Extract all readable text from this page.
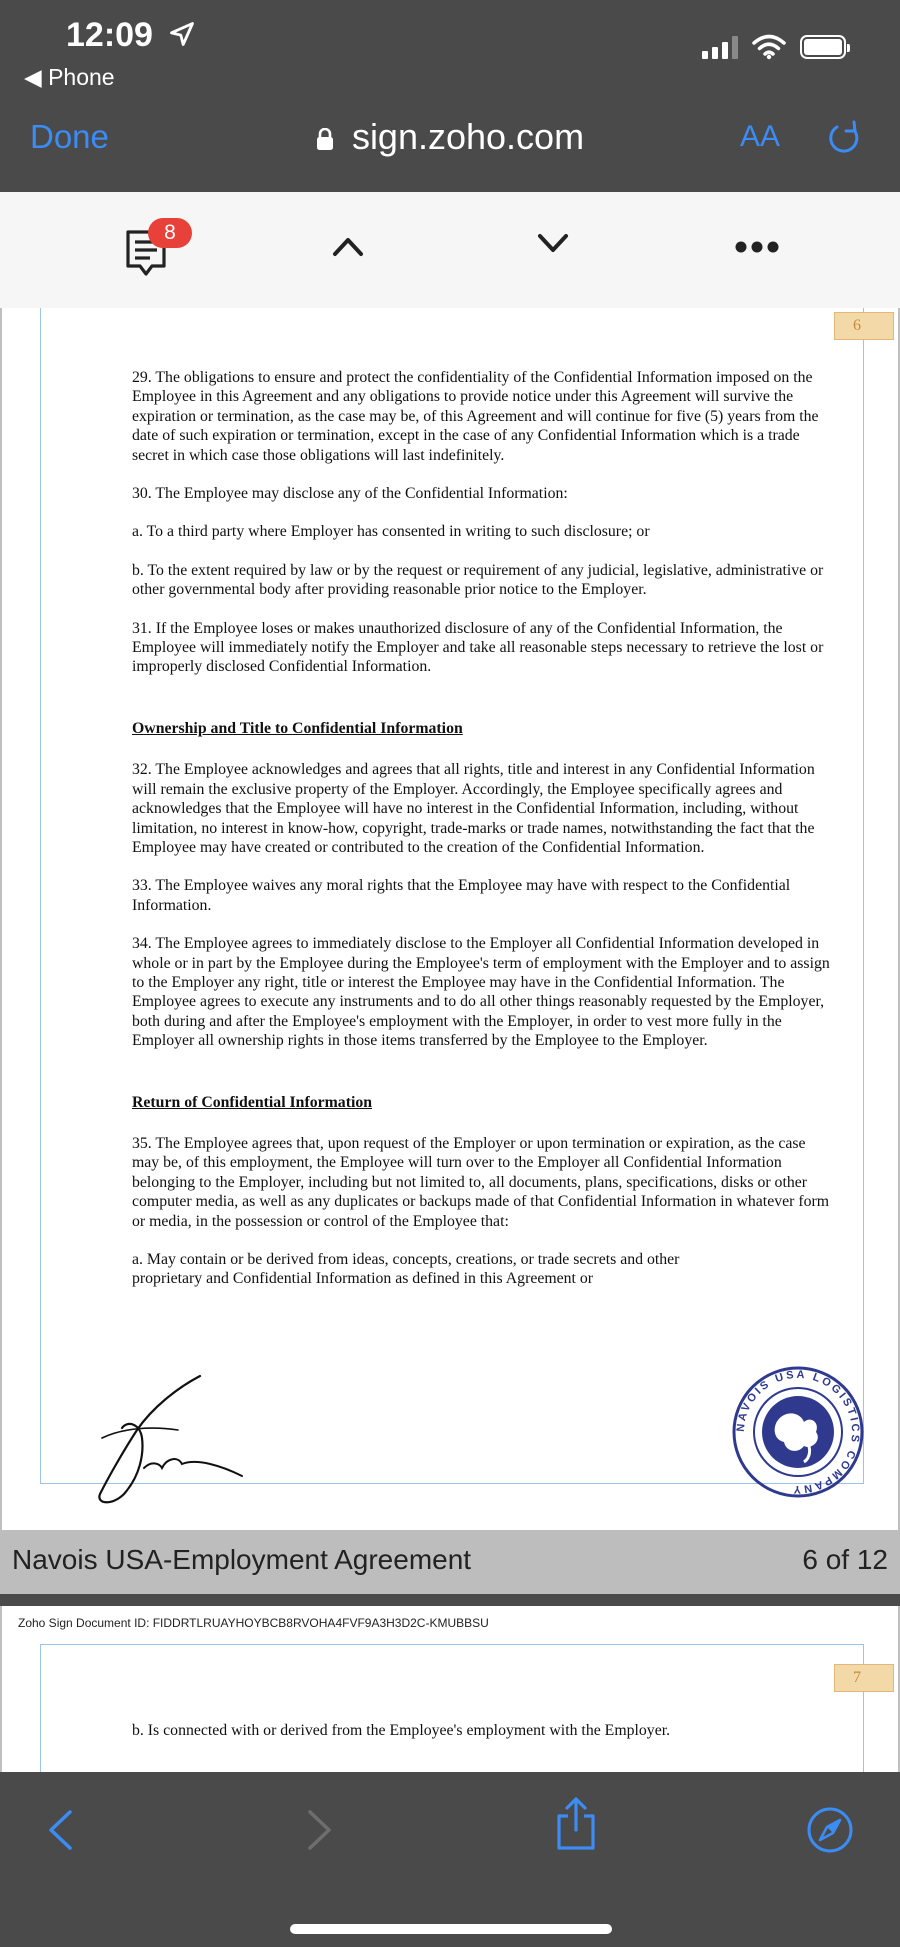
12:09
◀ Phone
Done	sign.zoho.com	AA
8
6

29. The obligations to ensure and protect the confidentiality of the Confidential Information imposed on the Employee in this Agreement and any obligations to provide notice under this Agreement will survive the expiration or termination, as the case may be, of this Agreement and will continue for five (5) years from the date of such expiration or termination, except in the case of any Confidential Information which is a trade secret in which case those obligations will last indefinitely.

30. The Employee may disclose any of the Confidential Information:

a. To a third party where Employer has consented in writing to such disclosure; or

b. To the extent required by law or by the request or requirement of any judicial, legislative, administrative or other governmental body after providing reasonable prior notice to the Employer.

31. If the Employee loses or makes unauthorized disclosure of any of the Confidential Information, the Employee will immediately notify the Employer and take all reasonable steps necessary to retrieve the lost or improperly disclosed Confidential Information.

Ownership and Title to Confidential Information

32. The Employee acknowledges and agrees that all rights, title and interest in any Confidential Information will remain the exclusive property of the Employer. Accordingly, the Employee specifically agrees and acknowledges that the Employee will have no interest in the Confidential Information, including, without limitation, no interest in know-how, copyright, trade-marks or trade names, notwithstanding the fact that the Employee may have created or contributed to the creation of the Confidential Information.

33. The Employee waives any moral rights that the Employee may have with respect to the Confidential Information.

34. The Employee agrees to immediately disclose to the Employer all Confidential Information developed in whole or in part by the Employee during the Employee's term of employment with the Employer and to assign to the Employer any right, title or interest the Employee may have in the Confidential Information. The Employee agrees to execute any instruments and to do all other things reasonably requested by the Employer, both during and after the Employee's employment with the Employer, in order to vest more fully in the Employer all ownership rights in those items transferred by the Employee to the Employer.

Return of Confidential Information

35. The Employee agrees that, upon request of the Employer or upon termination or expiration, as the case may be, of this employment, the Employee will turn over to the Employer all Confidential Information belonging to the Employer, including but not limited to, all documents, plans, specifications, disks or other computer media, as well as any duplicates or backups made of that Confidential Information in whatever form or media, in the possession or control of the Employee that:

a. May contain or be derived from ideas, concepts, creations, or trade secrets and other proprietary and Confidential Information as defined in this Agreement or

NAVOIS USA LOGISTICS COMPANY
Navois USA-Employment Agreement	6 of 12
Zoho Sign Document ID: FIDDRTLRUAYHOYBCB8RVOHA4FVF9A3H3D2C-KMUBBSU
7
b. Is connected with or derived from the Employee's employment with the Employer.
